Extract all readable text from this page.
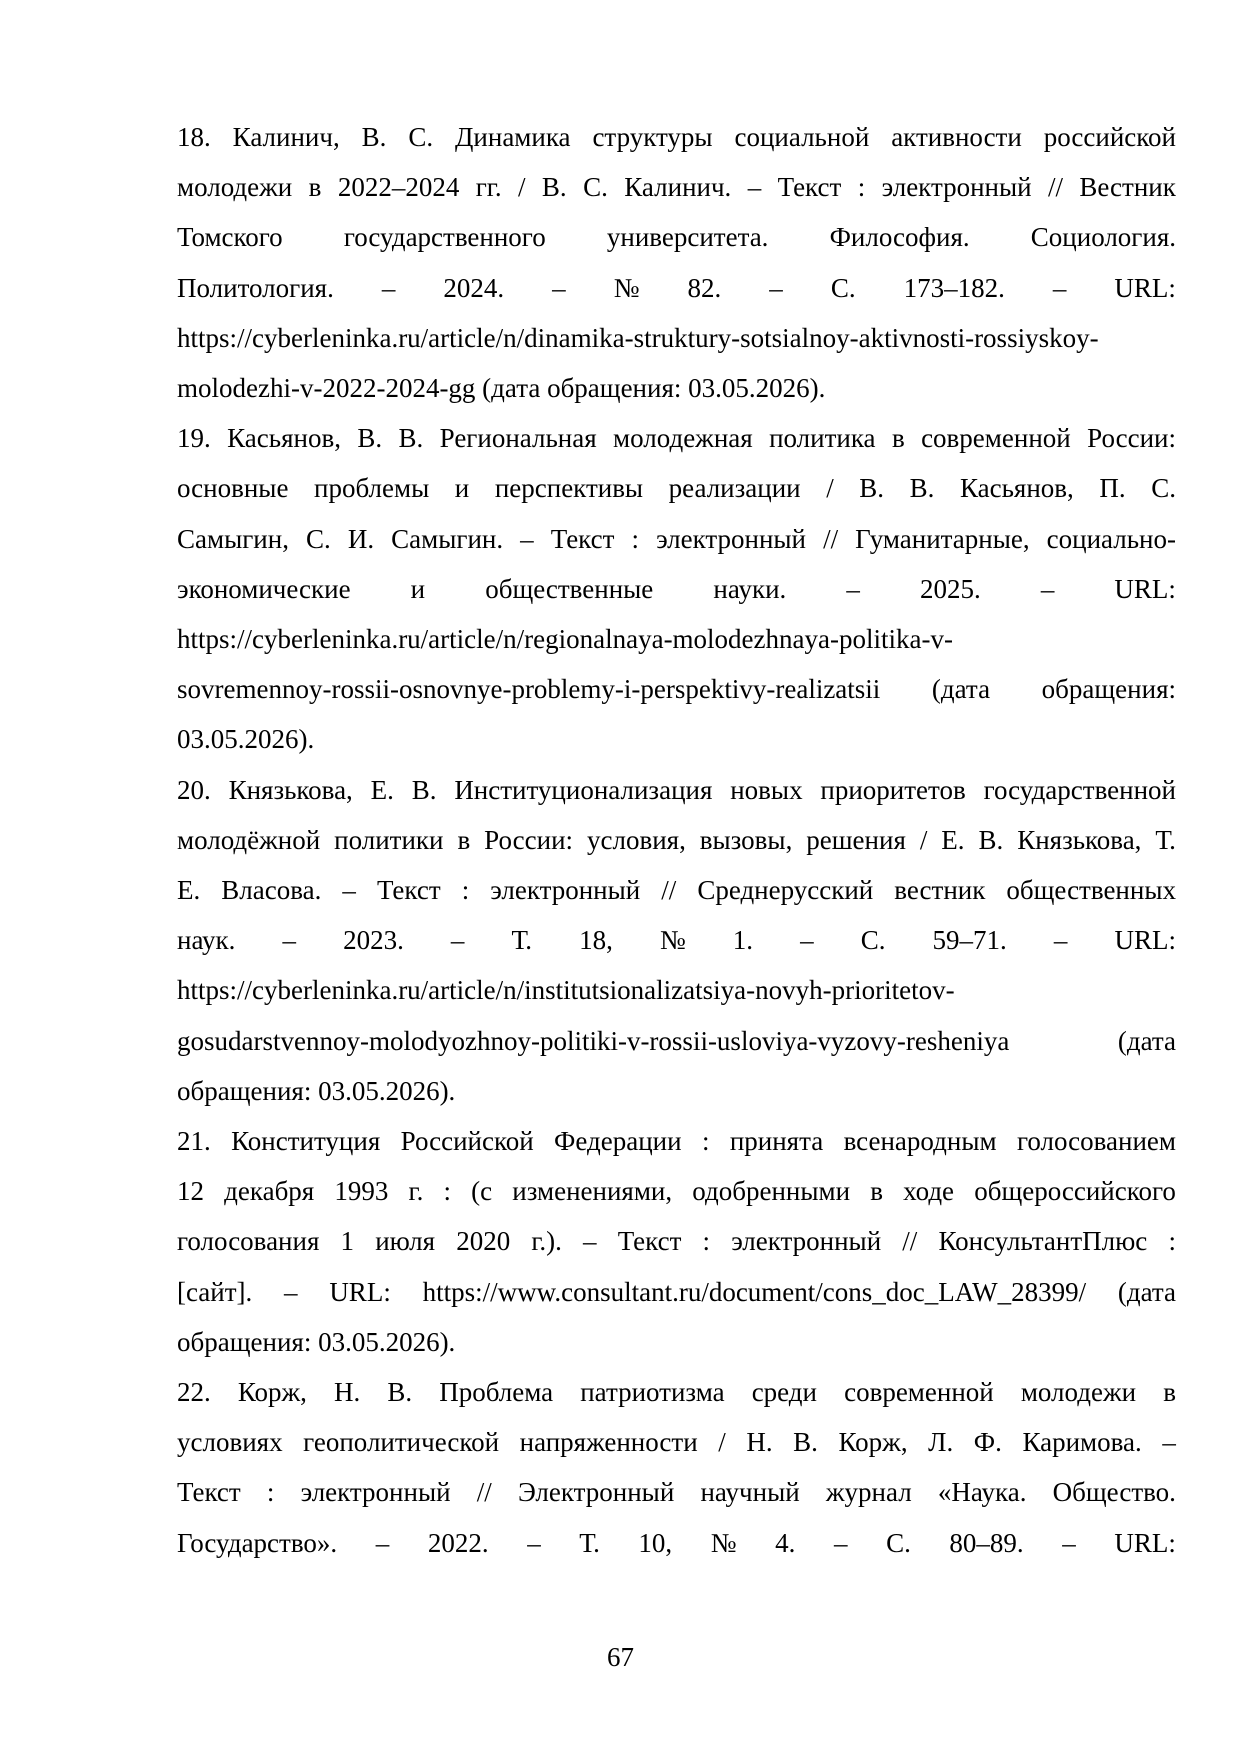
18. Калинич, В. С. Динамика структуры социальной активности российской
молодежи в 2022–2024 гг. / В. С. Калинич. – Текст : электронный // Вестник
Томского государственного университета. Философия. Социология.
Политология. – 2024. – № 82. – С. 173–182. – URL:
https://cyberleninka.ru/article/n/dinamika-struktury-sotsialnoy-aktivnosti-rossiyskoy-
molodezhi-v-2022-2024-gg (дата обращения: 03.05.2026).
19. Касьянов, В. В. Региональная молодежная политика в современной России:
основные проблемы и перспективы реализации / В. В. Касьянов, П. С.
Самыгин, С. И. Самыгин. – Текст : электронный // Гуманитарные, социально-
экономические и общественные науки. – 2025. – URL:
https://cyberleninka.ru/article/n/regionalnaya-molodezhnaya-politika-v-
sovremennoy-rossii-osnovnye-problemy-i-perspektivy-realizatsii (дата обращения:
03.05.2026).
20. Князькова, Е. В. Институционализация новых приоритетов государственной
молодёжной политики в России: условия, вызовы, решения / Е. В. Князькова, Т.
Е. Власова. – Текст : электронный // Среднерусский вестник общественных
наук. – 2023. – Т. 18, № 1. – С. 59–71. – URL:
https://cyberleninka.ru/article/n/institutsionalizatsiya-novyh-prioritetov-
gosudarstvennoy-molodyozhnoy-politiki-v-rossii-usloviya-vyzovy-resheniya	(дата
обращения: 03.05.2026).
21. Конституция Российской Федерации : принята всенародным голосованием
12 декабря 1993 г. : (с изменениями, одобренными в ходе общероссийского
голосования 1 июля 2020 г.). – Текст : электронный // КонсультантПлюс :
[сайт]. – URL: https://www.consultant.ru/document/cons_doc_LAW_28399/ (дата
обращения: 03.05.2026).
22. Корж, Н. В. Проблема патриотизма среди современной молодежи в
условиях геополитической напряженности / Н. В. Корж, Л. Ф. Каримова. –
Текст : электронный // Электронный научный журнал «Наука. Общество.
Государство». – 2022. – Т. 10, № 4. – С. 80–89. – URL:
67
